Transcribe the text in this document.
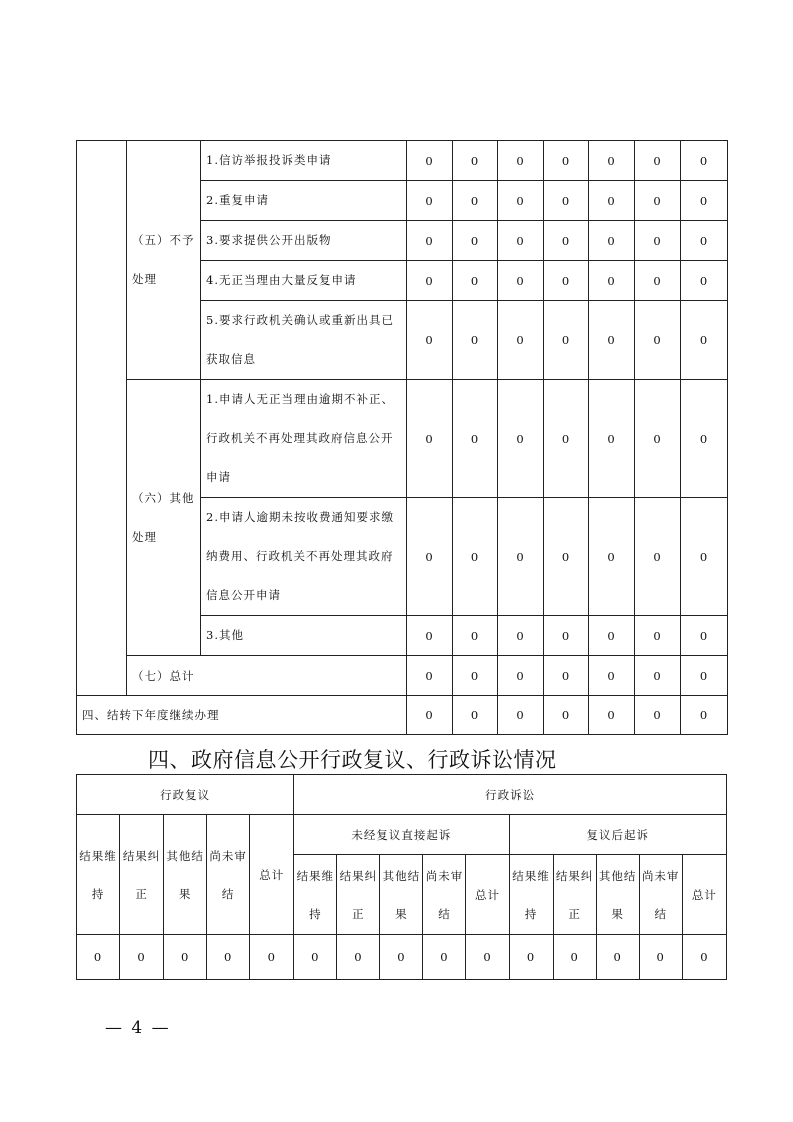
	（五）不予处理	1.信访举报投诉类申请	0	0	0	0	0	0	0
		2.重复申请	0	0	0	0	0	0	0
		3.要求提供公开出版物	0	0	0	0	0	0	0
		4.无正当理由大量反复申请	0	0	0	0	0	0	0
		5.要求行政机关确认或重新出具已获取信息	0	0	0	0	0	0	0
	（六）其他处理	1.申请人无正当理由逾期不补正、行政机关不再处理其政府信息公开申请	0	0	0	0	0	0	0
		2.申请人逾期未按收费通知要求缴纳费用、行政机关不再处理其政府信息公开申请	0	0	0	0	0	0	0
		3.其他	0	0	0	0	0	0	0
	（七）总计		0	0	0	0	0	0	0
四、结转下年度继续办理			0	0	0	0	0	0	0
四、政府信息公开行政复议、行政诉讼情况
行政复议					行政诉讼									
结果维持	结果纠正	其他结果	尚未审结	总计	未经复议直接起诉					复议后起诉				
					结果维持	结果纠正	其他结果	尚未审结	总计	结果维持	结果纠正	其他结果	尚未审结	总计
0	0	0	0	0	0	0	0	0	0	0	0	0	0	0
— 4 —
